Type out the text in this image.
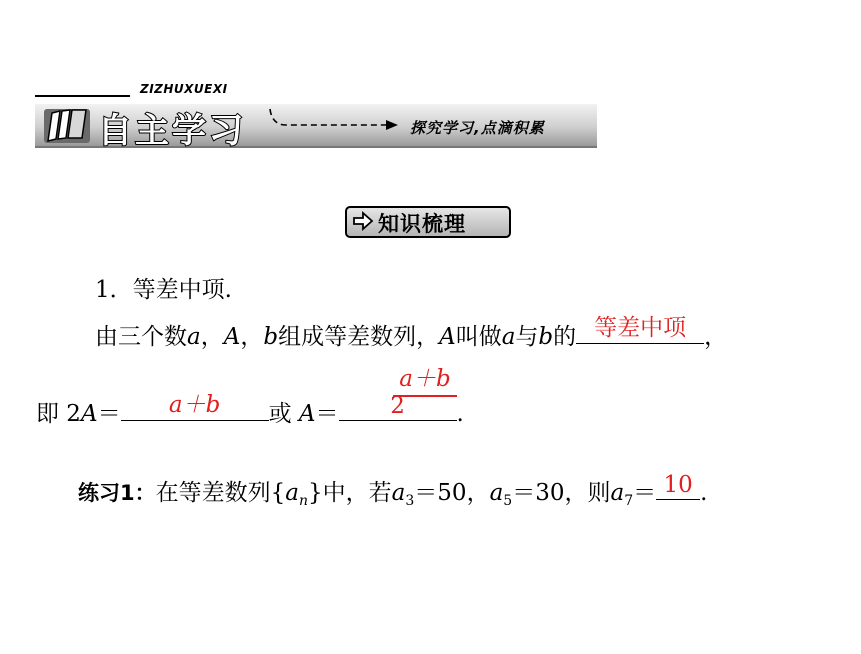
ZIZHUXUEXI
自主学习	探究学习,点滴积累
知识梳理
1．等差中项.
由三个数a，A，b组成等差数列，A叫做a与b的 等差中项 ，
a＋b
即 2A＝	a＋b	或 A＝	2	.
练习1：在等差数列$\{a_n\}$中，若$a_3=50$，$a_5=30$，则$a_7= 10$ .
